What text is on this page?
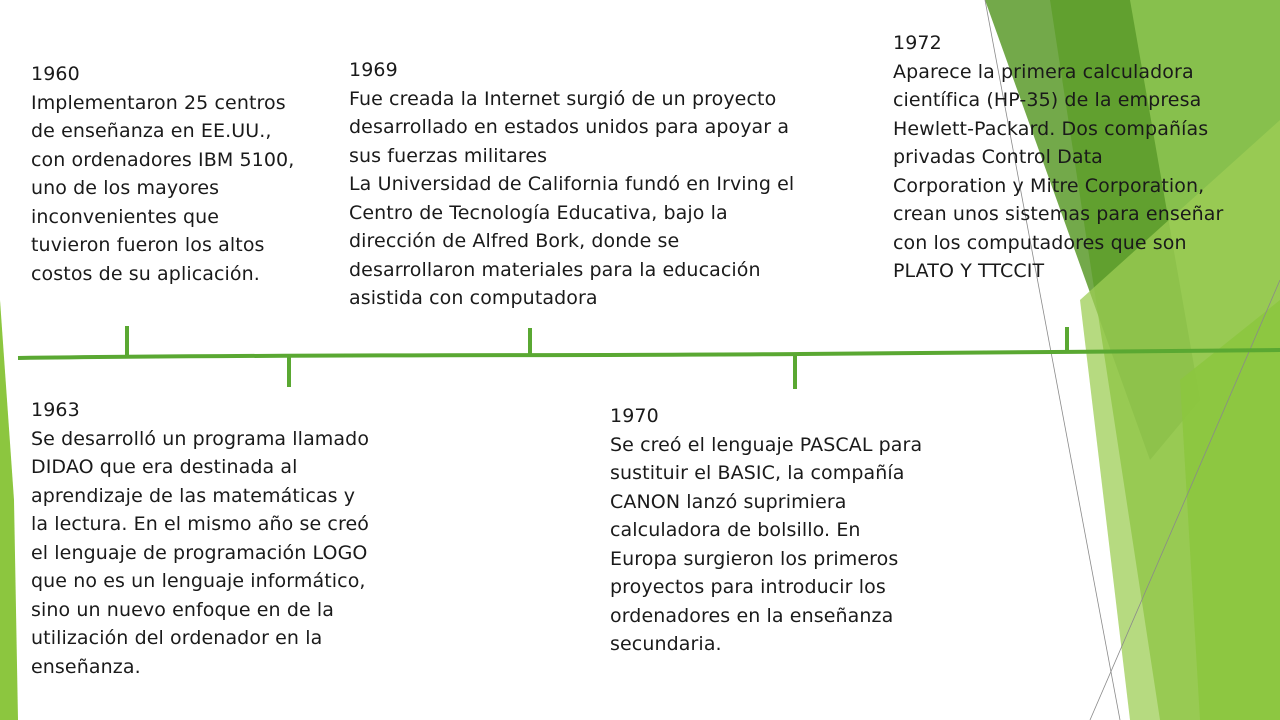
1960
Implementaron 25 centros
de enseñanza en EE.UU.,
con ordenadores IBM 5100,
uno de los mayores
inconvenientes que
tuvieron fueron los altos
costos de su aplicación.
1963
Se desarrolló un programa llamado
DIDAO que era destinada al
aprendizaje de las matemáticas y
la lectura. En el mismo año se creó
el lenguaje de programación LOGO
que no es un lenguaje informático,
sino un nuevo enfoque en de la
utilización del ordenador en la
enseñanza.
1969
Fue creada la Internet surgió de un proyecto
desarrollado en estados unidos para apoyar a
sus fuerzas militares
La Universidad de California fundó en Irving el
Centro de Tecnología Educativa, bajo la
dirección de Alfred Bork, donde se
desarrollaron materiales para la educación
asistida con computadora
1970
Se creó el lenguaje PASCAL para
sustituir el BASIC, la compañía
CANON lanzó suprimiera
calculadora de bolsillo. En
Europa surgieron los primeros
proyectos para introducir los
ordenadores en la enseñanza
secundaria.
1972
Aparece la primera calculadora
científica (HP-35) de la empresa
Hewlett-Packard. Dos compañías
privadas Control Data
Corporation y Mitre Corporation,
crean unos sistemas para enseñar
con los computadores que son
PLATO Y TTCCIT
